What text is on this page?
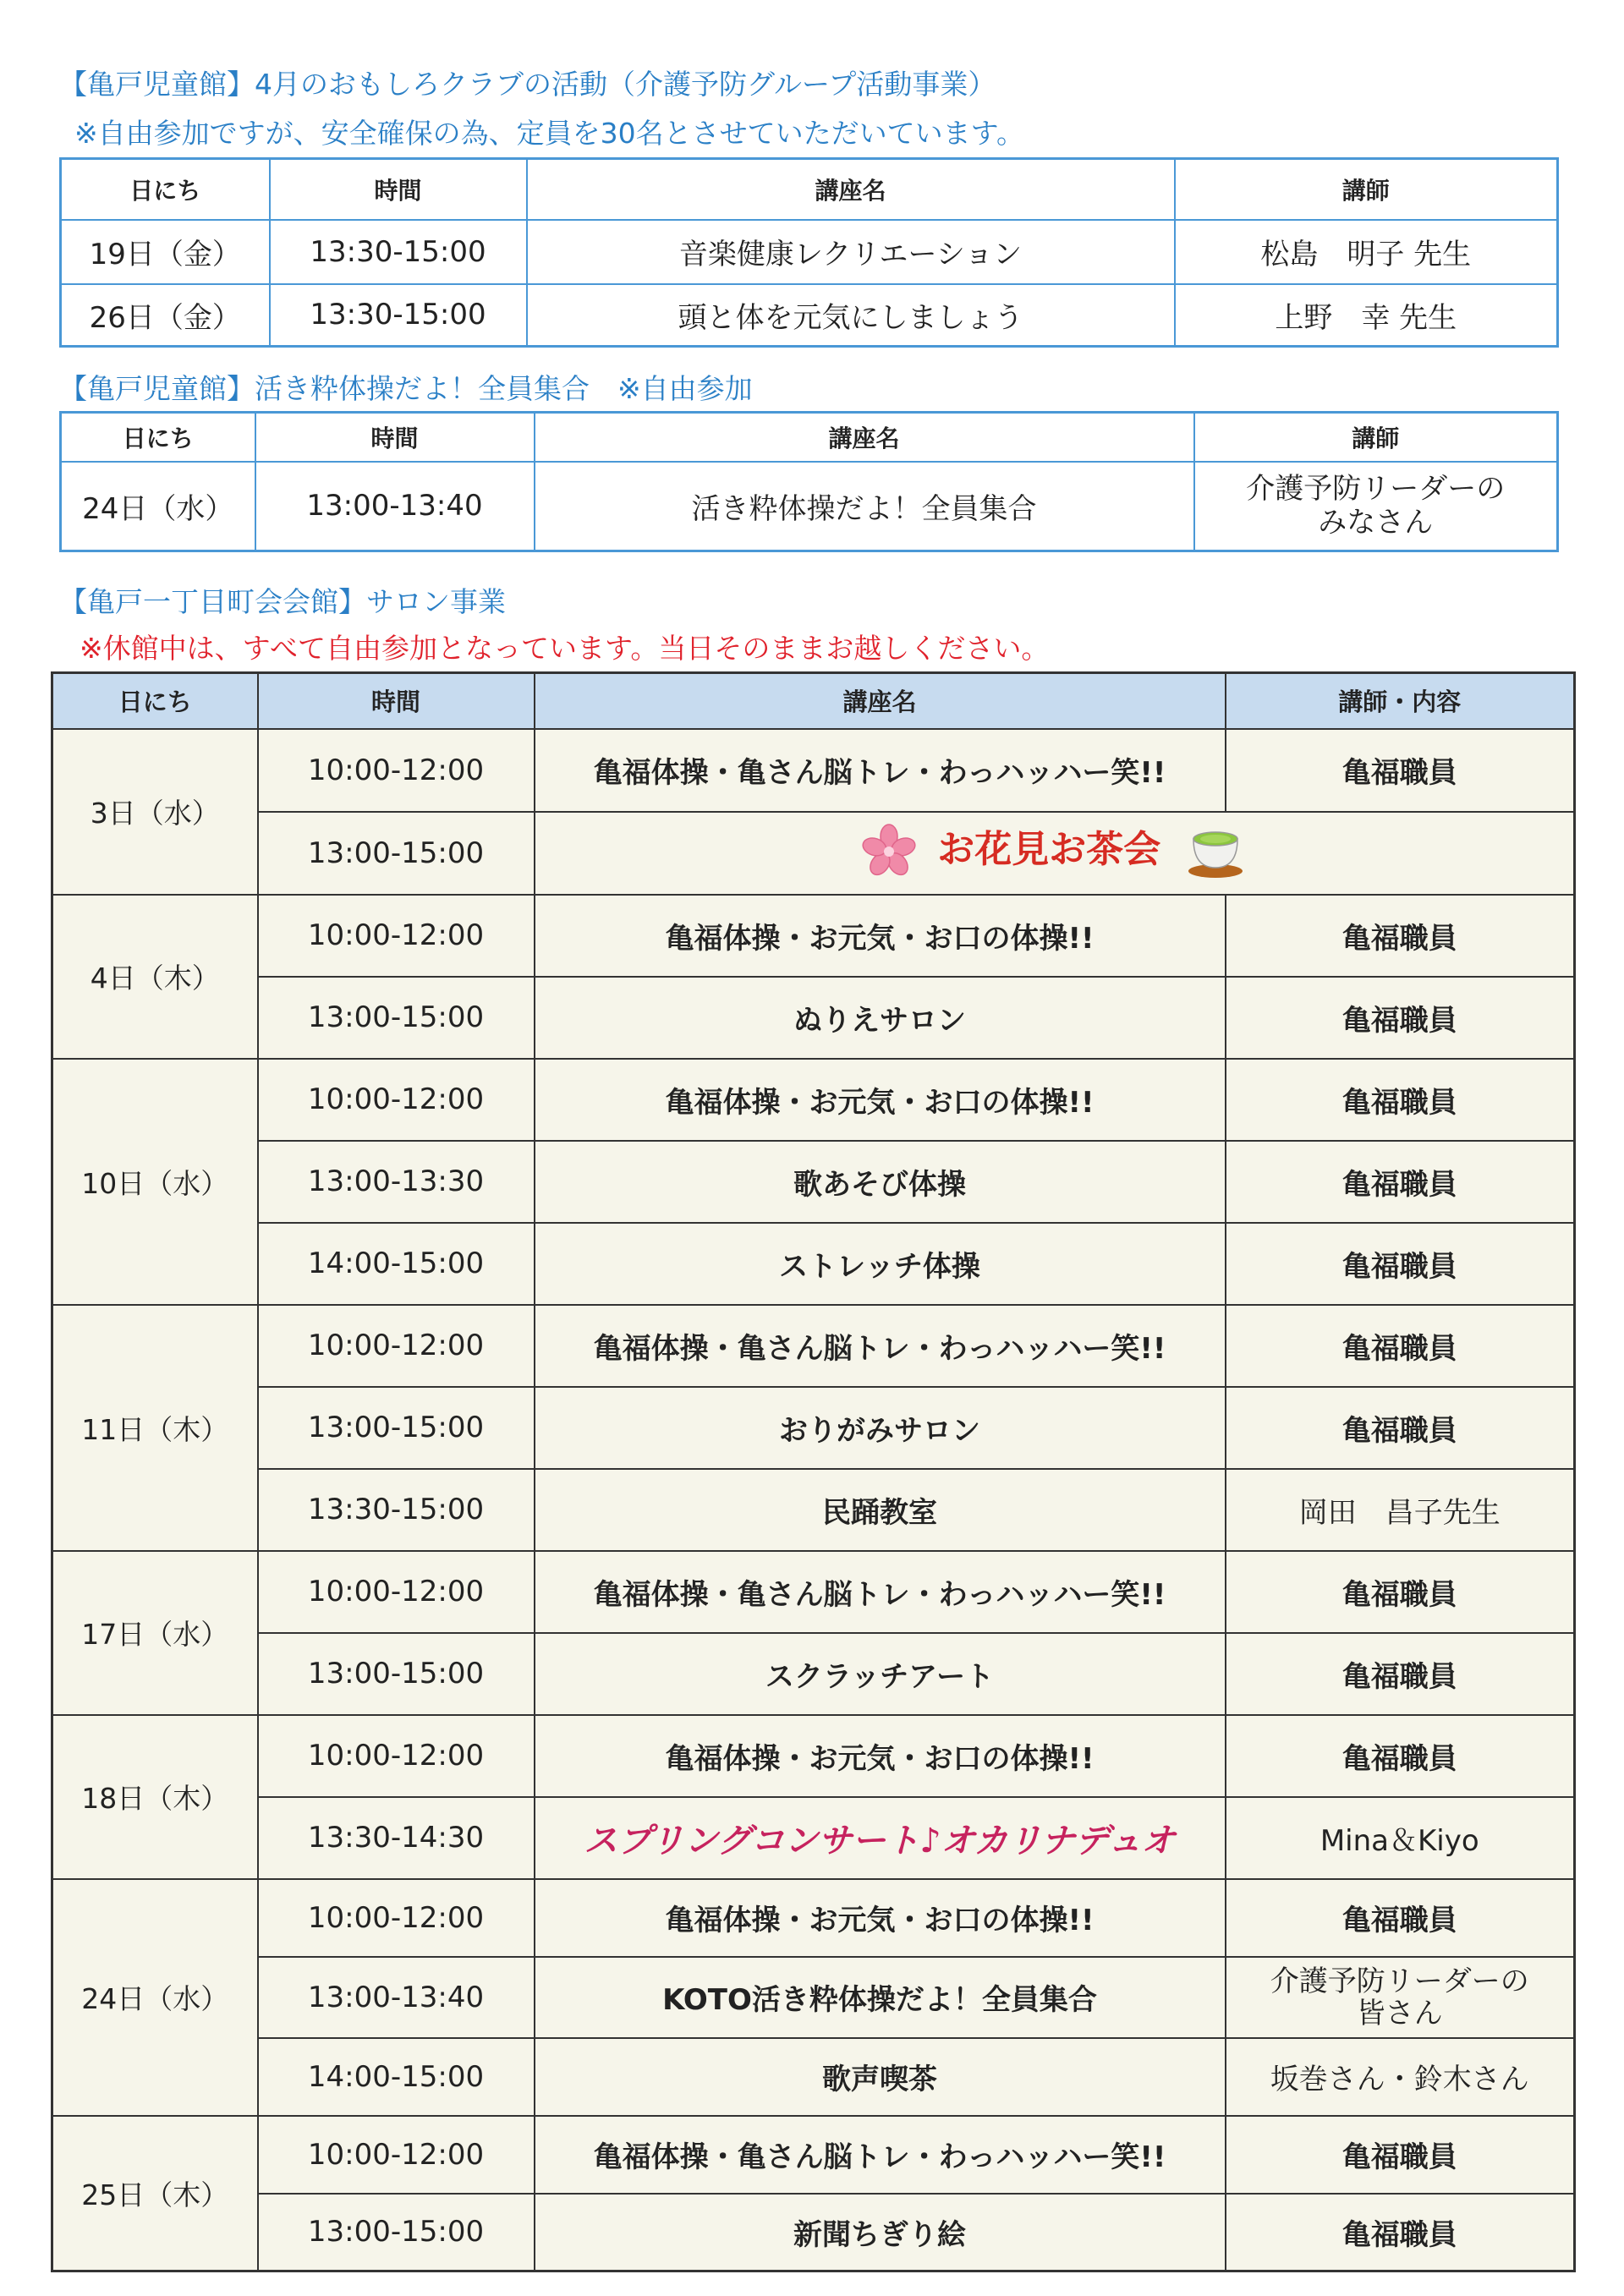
【亀戸児童館】4月のおもしろクラブの活動（介護予防グループ活動事業）
※自由参加ですが、安全確保の為、定員を30名とさせていただいています。
日にち	時間	講座名	講師
19日（金）	13:30-15:00	音楽健康レクリエーション	松島　明子 先生
26日（金）	13:30-15:00	頭と体を元気にしましょう	上野　幸 先生
【亀戸児童館】活き粋体操だよ！全員集合　※自由参加
日にち	時間	講座名	講師
24日（水）	13:00-13:40	活き粋体操だよ！全員集合	介護予防リーダーの
みなさん
【亀戸一丁目町会会館】サロン事業
※休館中は、すべて自由参加となっています。当日そのままお越しください。
日にち	時間	講座名	講師・内容
3日（水）	10:00-12:00	亀福体操・亀さん脳トレ・わっハッハー笑!!	亀福職員
	13:00-15:00	お花見お茶会	
4日（木）	10:00-12:00	亀福体操・お元気・お口の体操!!	亀福職員
	13:00-15:00	ぬりえサロン	亀福職員
10日（水）	10:00-12:00	亀福体操・お元気・お口の体操!!	亀福職員
	13:00-13:30	歌あそび体操	亀福職員
	14:00-15:00	ストレッチ体操	亀福職員
11日（木）	10:00-12:00	亀福体操・亀さん脳トレ・わっハッハー笑!!	亀福職員
	13:00-15:00	おりがみサロン	亀福職員
	13:30-15:00	民踊教室	岡田　昌子先生
17日（水）	10:00-12:00	亀福体操・亀さん脳トレ・わっハッハー笑!!	亀福職員
	13:00-15:00	スクラッチアート	亀福職員
18日（木）	10:00-12:00	亀福体操・お元気・お口の体操!!	亀福職員
	13:30-14:30	スプリングコンサート♪オカリナデュオ	Mina＆Kiyo
24日（水）	10:00-12:00	亀福体操・お元気・お口の体操!!	亀福職員
	13:00-13:40	KOTO活き粋体操だよ！全員集合	介護予防リーダーの
皆さん

	14:00-15:00	歌声喫茶	坂巻さん・鈴木さん
25日（木）	10:00-12:00	亀福体操・亀さん脳トレ・わっハッハー笑!!	亀福職員
	13:00-15:00	新聞ちぎり絵	亀福職員
